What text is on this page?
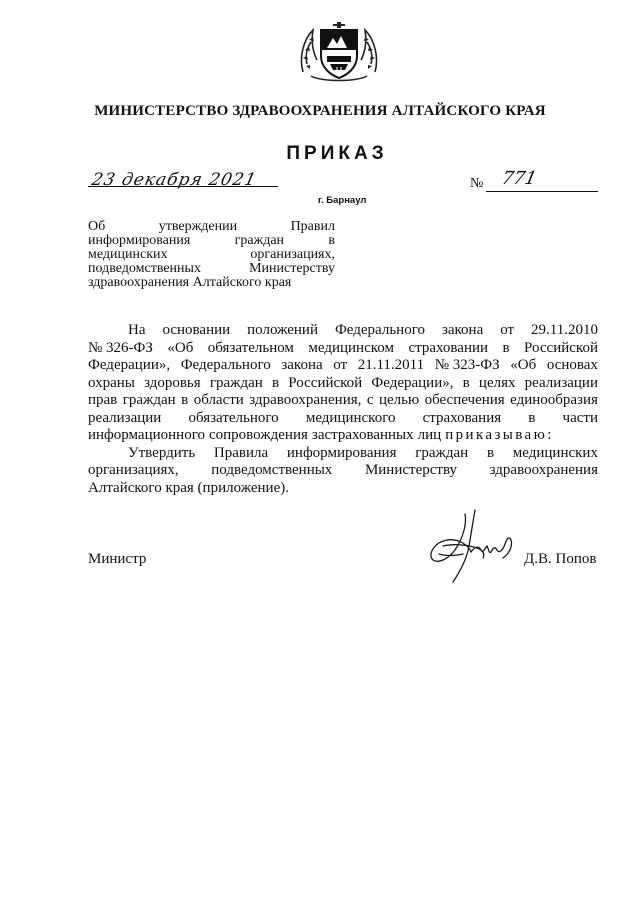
МИНИСТЕРСТВО ЗДРАВООХРАНЕНИЯ АЛТАЙСКОГО КРАЯ
ПРИКАЗ
23 декабря 2021
г. Барнаул
№ 771
Об	утверждении	Правил
информирования	граждан	в
медицинских	организациях,
подведомственных	Министерству
здравоохранения Алтайского края
На основании положений Федерального закона от 29.11.2010
№ 326-ФЗ «Об обязательном медицинском страховании в Российской
Федерации», Федерального закона от 21.11.2011 № 323-ФЗ «Об основах
охраны здоровья граждан в Российской Федерации», в целях реализации
прав граждан в области здравоохранения, с целью обеспечения единообразия
реализации обязательного медицинского страхования в части
информационного сопровождения застрахованных лиц приказываю:
Утвердить Правила информирования граждан в медицинских
организациях, подведомственных Министерству здравоохранения
Алтайского края (приложение).
Министр	Д.В. Попов
